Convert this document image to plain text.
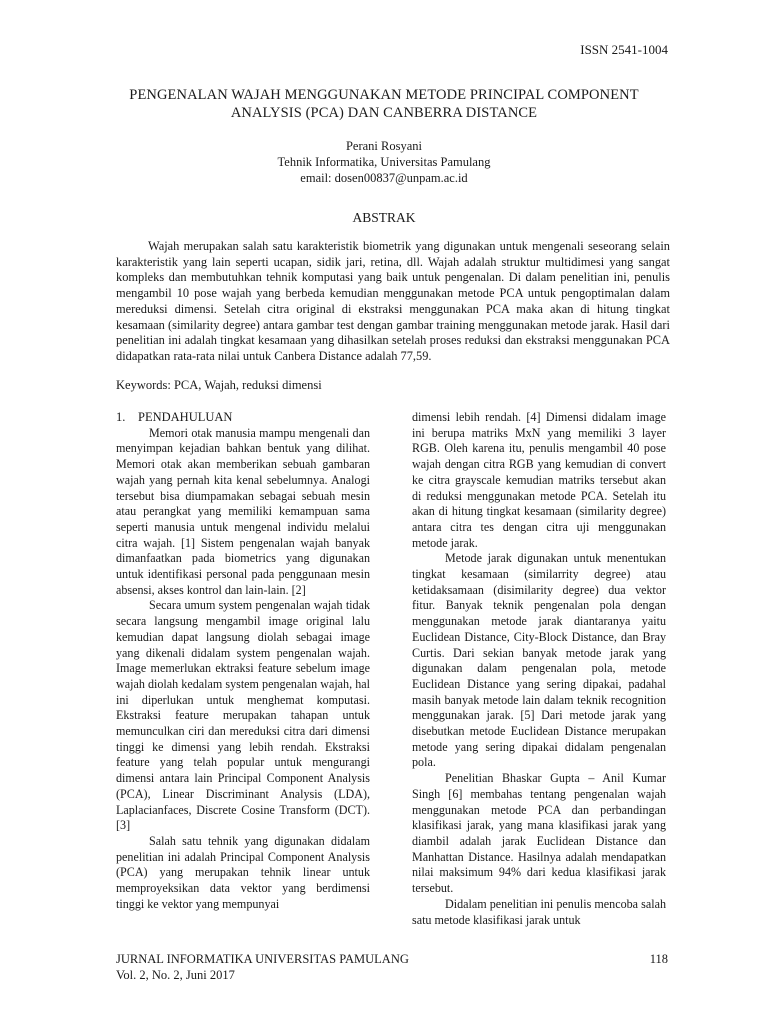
ISSN 2541-1004
PENGENALAN WAJAH MENGGUNAKAN METODE PRINCIPAL COMPONENT
ANALYSIS (PCA) DAN CANBERRA DISTANCE
Perani Rosyani
Tehnik Informatika, Universitas Pamulang
email: dosen00837@unpam.ac.id
ABSTRAK

Wajah merupakan salah satu karakteristik biometrik yang digunakan untuk mengenali seseorang selain karakteristik yang lain seperti ucapan, sidik jari, retina, dll. Wajah adalah struktur multidimesi yang sangat kompleks dan membutuhkan tehnik komputasi yang baik untuk pengenalan. Di dalam penelitian ini, penulis mengambil 10 pose wajah yang berbeda kemudian menggunakan metode PCA untuk pengoptimalan dalam mereduksi dimensi. Setelah citra original di ekstraksi menggunakan PCA maka akan di hitung tingkat kesamaan (similarity degree) antara gambar test dengan gambar training menggunakan metode jarak. Hasil dari penelitian ini adalah tingkat kesamaan yang dihasilkan setelah proses reduksi dan ekstraksi menggunakan PCA didapatkan rata-rata nilai untuk Canbera Distance adalah 77,59.

Keywords: PCA, Wajah, reduksi dimensi
1. PENDAHULUAN

Memori otak manusia mampu mengenali dan menyimpan kejadian bahkan bentuk yang dilihat. Memori otak akan memberikan sebuah gambaran wajah yang pernah kita kenal sebelumnya. Analogi tersebut bisa diumpamakan sebagai sebuah mesin atau perangkat yang memiliki kemampuan sama seperti manusia untuk mengenal individu melalui citra wajah. [1] Sistem pengenalan wajah banyak dimanfaatkan pada biometrics yang digunakan untuk identifikasi personal pada penggunaan mesin absensi, akses kontrol dan lain-lain. [2]

Secara umum system pengenalan wajah tidak secara langsung mengambil image original lalu kemudian dapat langsung diolah sebagai image yang dikenali didalam system pengenalan wajah. Image memerlukan ektraksi feature sebelum image wajah diolah kedalam system pengenalan wajah, hal ini diperlukan untuk menghemat komputasi. Ekstraksi feature merupakan tahapan untuk memunculkan ciri dan mereduksi citra dari dimensi tinggi ke dimensi yang lebih rendah. Ekstraksi feature yang telah popular untuk mengurangi dimensi antara lain Principal Component Analysis (PCA), Linear Discriminant Analysis (LDA), Laplacianfaces, Discrete Cosine Transform (DCT). [3]

Salah satu tehnik yang digunakan didalam penelitian ini adalah Principal Component Analysis (PCA) yang merupakan tehnik linear untuk memproyeksikan data vektor yang berdimensi tinggi ke vektor yang mempunyai

dimensi lebih rendah. [4] Dimensi didalam image ini berupa matriks MxN yang memiliki 3 layer RGB. Oleh karena itu, penulis mengambil 40 pose wajah dengan citra RGB yang kemudian di convert ke citra grayscale kemudian matriks tersebut akan di reduksi menggunakan metode PCA. Setelah itu akan di hitung tingkat kesamaan (similarity degree) antara citra tes dengan citra uji menggunakan metode jarak.

Metode jarak digunakan untuk menentukan tingkat kesamaan (similarrity degree) atau ketidaksamaan (disimilarity degree) dua vektor fitur. Banyak teknik pengenalan pola dengan menggunakan metode jarak diantaranya yaitu Euclidean Distance, City-Block Distance, dan Bray Curtis. Dari sekian banyak metode jarak yang digunakan dalam pengenalan pola, metode Euclidean Distance yang sering dipakai, padahal masih banyak metode lain dalam teknik recognition menggunakan jarak. [5] Dari metode jarak yang disebutkan metode Euclidean Distance merupakan metode yang sering dipakai didalam pengenalan pola.

Penelitian Bhaskar Gupta – Anil Kumar Singh [6] membahas tentang pengenalan wajah menggunakan metode PCA dan perbandingan klasifikasi jarak, yang mana klasifikasi jarak yang diambil adalah jarak Euclidean Distance dan Manhattan Distance. Hasilnya adalah mendapatkan nilai maksimum 94% dari kedua klasifikasi jarak tersebut.

Didalam penelitian ini penulis mencoba salah satu metode klasifikasi jarak untuk

JURNAL INFORMATIKA UNIVERSITAS PAMULANG
Vol. 2, No. 2, Juni 2017
118
